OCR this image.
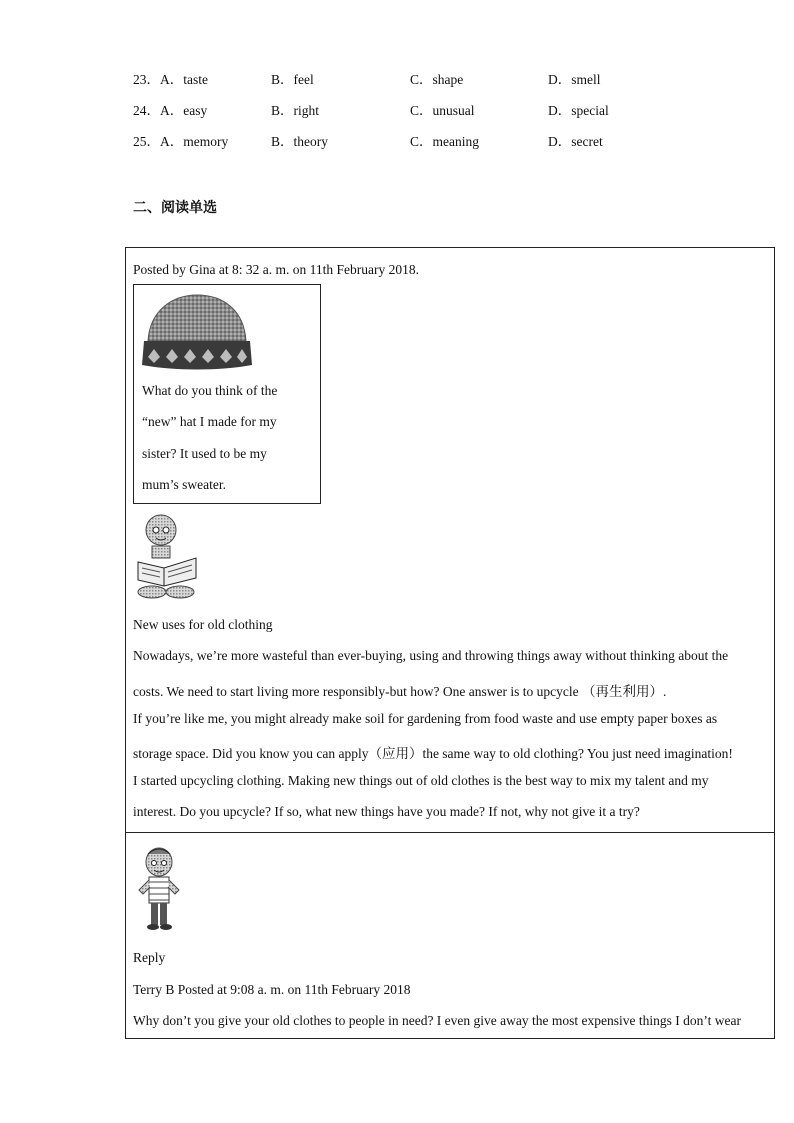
23． A．taste	B．feel	C．shape	D．smell
24． A．easy	B．right	C．unusual	D．special
25． A．memory	B．theory	C．meaning	D．secret
二、阅读单选
Posted by Gina at 8: 32 a. m. on 11th February 2018.
What do you think of the
“new” hat I made for my
sister? It used to be my
mum’s sweater.
New uses for old clothing
Nowadays, we’re more wasteful than ever-buying, using and throwing things away without thinking about the
costs. We need to start living more responsibly-but how? One answer is to upcycle （再生利用）.
If you’re like me, you might already make soil for gardening from food waste and use empty paper boxes as
storage space. Did you know you can apply（应用）the same way to old clothing? You just need imagination!
I started upcycling clothing. Making new things out of old clothes is the best way to mix my talent and my
interest. Do you upcycle? If so, what new things have you made? If not, why not give it a try?
Reply
Terry B Posted at 9:08 a. m. on 11th February 2018
Why don’t you give your old clothes to people in need? I even give away the most expensive things I don’t wear
